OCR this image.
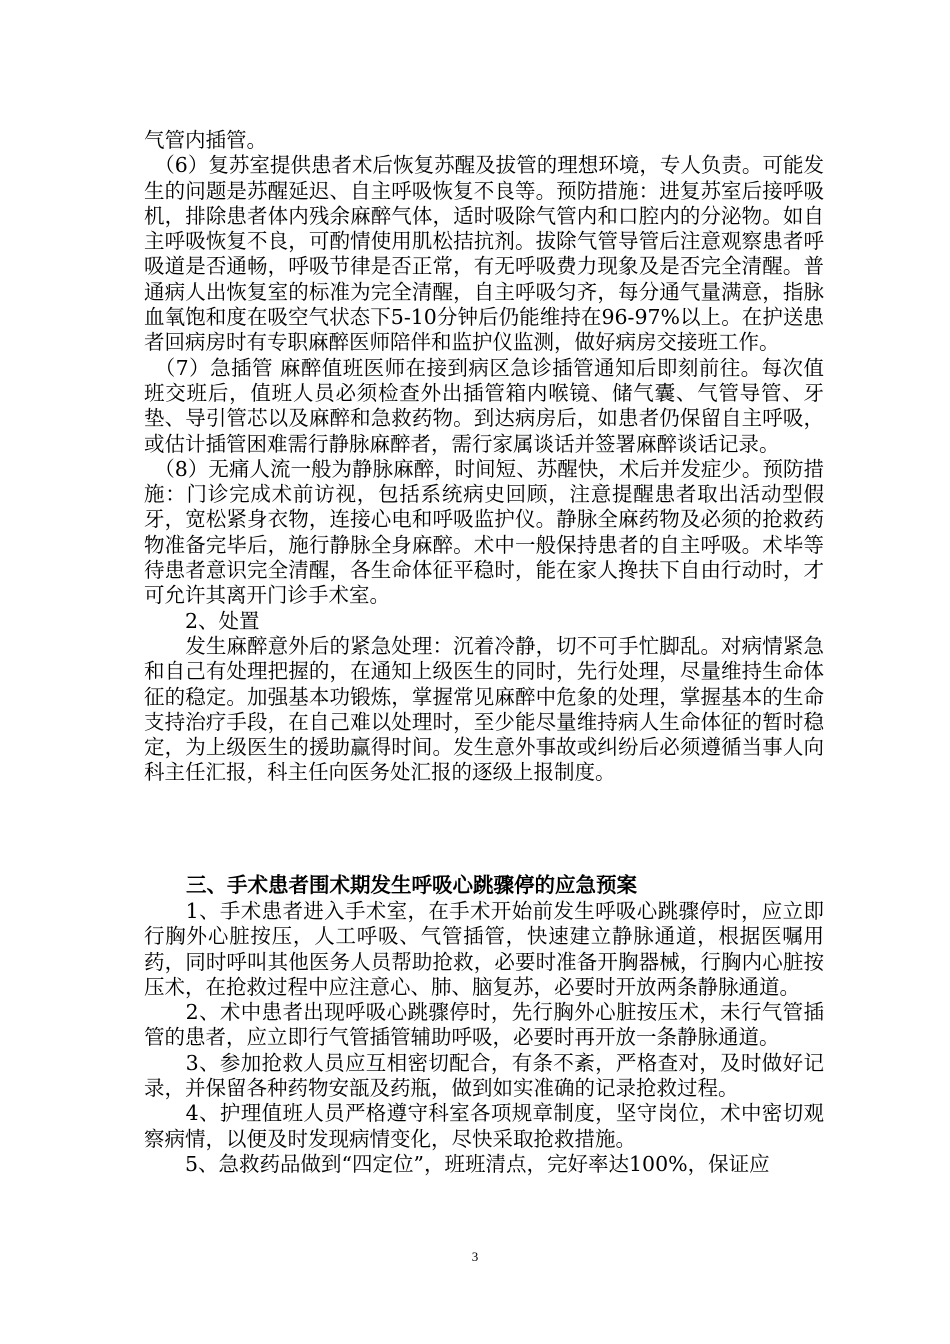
气管内插管。
　（6）复苏室提供患者术后恢复苏醒及拔管的理想环境，专人负责。可能发生的问题是苏醒延迟、自主呼吸恢复不良等。预防措施：进复苏室后接呼吸机，排除患者体内残余麻醉气体，适时吸除气管内和口腔内的分泌物。如自主呼吸恢复不良，可酌情使用肌松拮抗剂。拔除气管导管后注意观察患者呼吸道是否通畅，呼吸节律是否正常，有无呼吸费力现象及是否完全清醒。普通病人出恢复室的标准为完全清醒，自主呼吸匀齐，每分通气量满意，指脉血氧饱和度在吸空气状态下5-10分钟后仍能维持在96-97%以上。在护送患者回病房时有专职麻醉医师陪伴和监护仪监测，做好病房交接班工作。
　（7）急插管 麻醉值班医师在接到病区急诊插管通知后即刻前往。每次值班交班后，值班人员必须检查外出插管箱内喉镜、储气囊、气管导管、牙垫、导引管芯以及麻醉和急救药物。到达病房后，如患者仍保留自主呼吸，或估计插管困难需行静脉麻醉者，需行家属谈话并签署麻醉谈话记录。
　（8）无痛人流一般为静脉麻醉，时间短、苏醒快，术后并发症少。预防措施：门诊完成术前访视，包括系统病史回顾，注意提醒患者取出活动型假牙，宽松紧身衣物，连接心电和呼吸监护仪。静脉全麻药物及必须的抢救药物准备完毕后，施行静脉全身麻醉。术中一般保持患者的自主呼吸。术毕等待患者意识完全清醒，各生命体征平稳时，能在家人搀扶下自由行动时，才可允许其离开门诊手术室。
　　2、处置
　　发生麻醉意外后的紧急处理：沉着冷静，切不可手忙脚乱。对病情紧急和自己有处理把握的，在通知上级医生的同时，先行处理，尽量维持生命体征的稳定。加强基本功锻炼，掌握常见麻醉中危象的处理，掌握基本的生命支持治疗手段，在自己难以处理时，至少能尽量维持病人生命体征的暂时稳定，为上级医生的援助赢得时间。发生意外事故或纠纷后必须遵循当事人向科主任汇报，科主任向医务处汇报的逐级上报制度。
三、手术患者围术期发生呼吸心跳骤停的应急预案
　　1、手术患者进入手术室，在手术开始前发生呼吸心跳骤停时，应立即行胸外心脏按压，人工呼吸、气管插管，快速建立静脉通道，根据医嘱用药，同时呼叫其他医务人员帮助抢救，必要时准备开胸器械，行胸内心脏按压术，在抢救过程中应注意心、肺、脑复苏，必要时开放两条静脉通道。
　　2、术中患者出现呼吸心跳骤停时，先行胸外心脏按压术，未行气管插管的患者，应立即行气管插管辅助呼吸，必要时再开放一条静脉通道。
　　3、参加抢救人员应互相密切配合，有条不紊，严格查对，及时做好记录，并保留各种药物安瓿及药瓶，做到如实准确的记录抢救过程。
　　4、护理值班人员严格遵守科室各项规章制度，坚守岗位，术中密切观察病情，以便及时发现病情变化，尽快采取抢救措施。
　　5、急救药品做到“四定位”，班班清点，完好率达100%，保证应
3
